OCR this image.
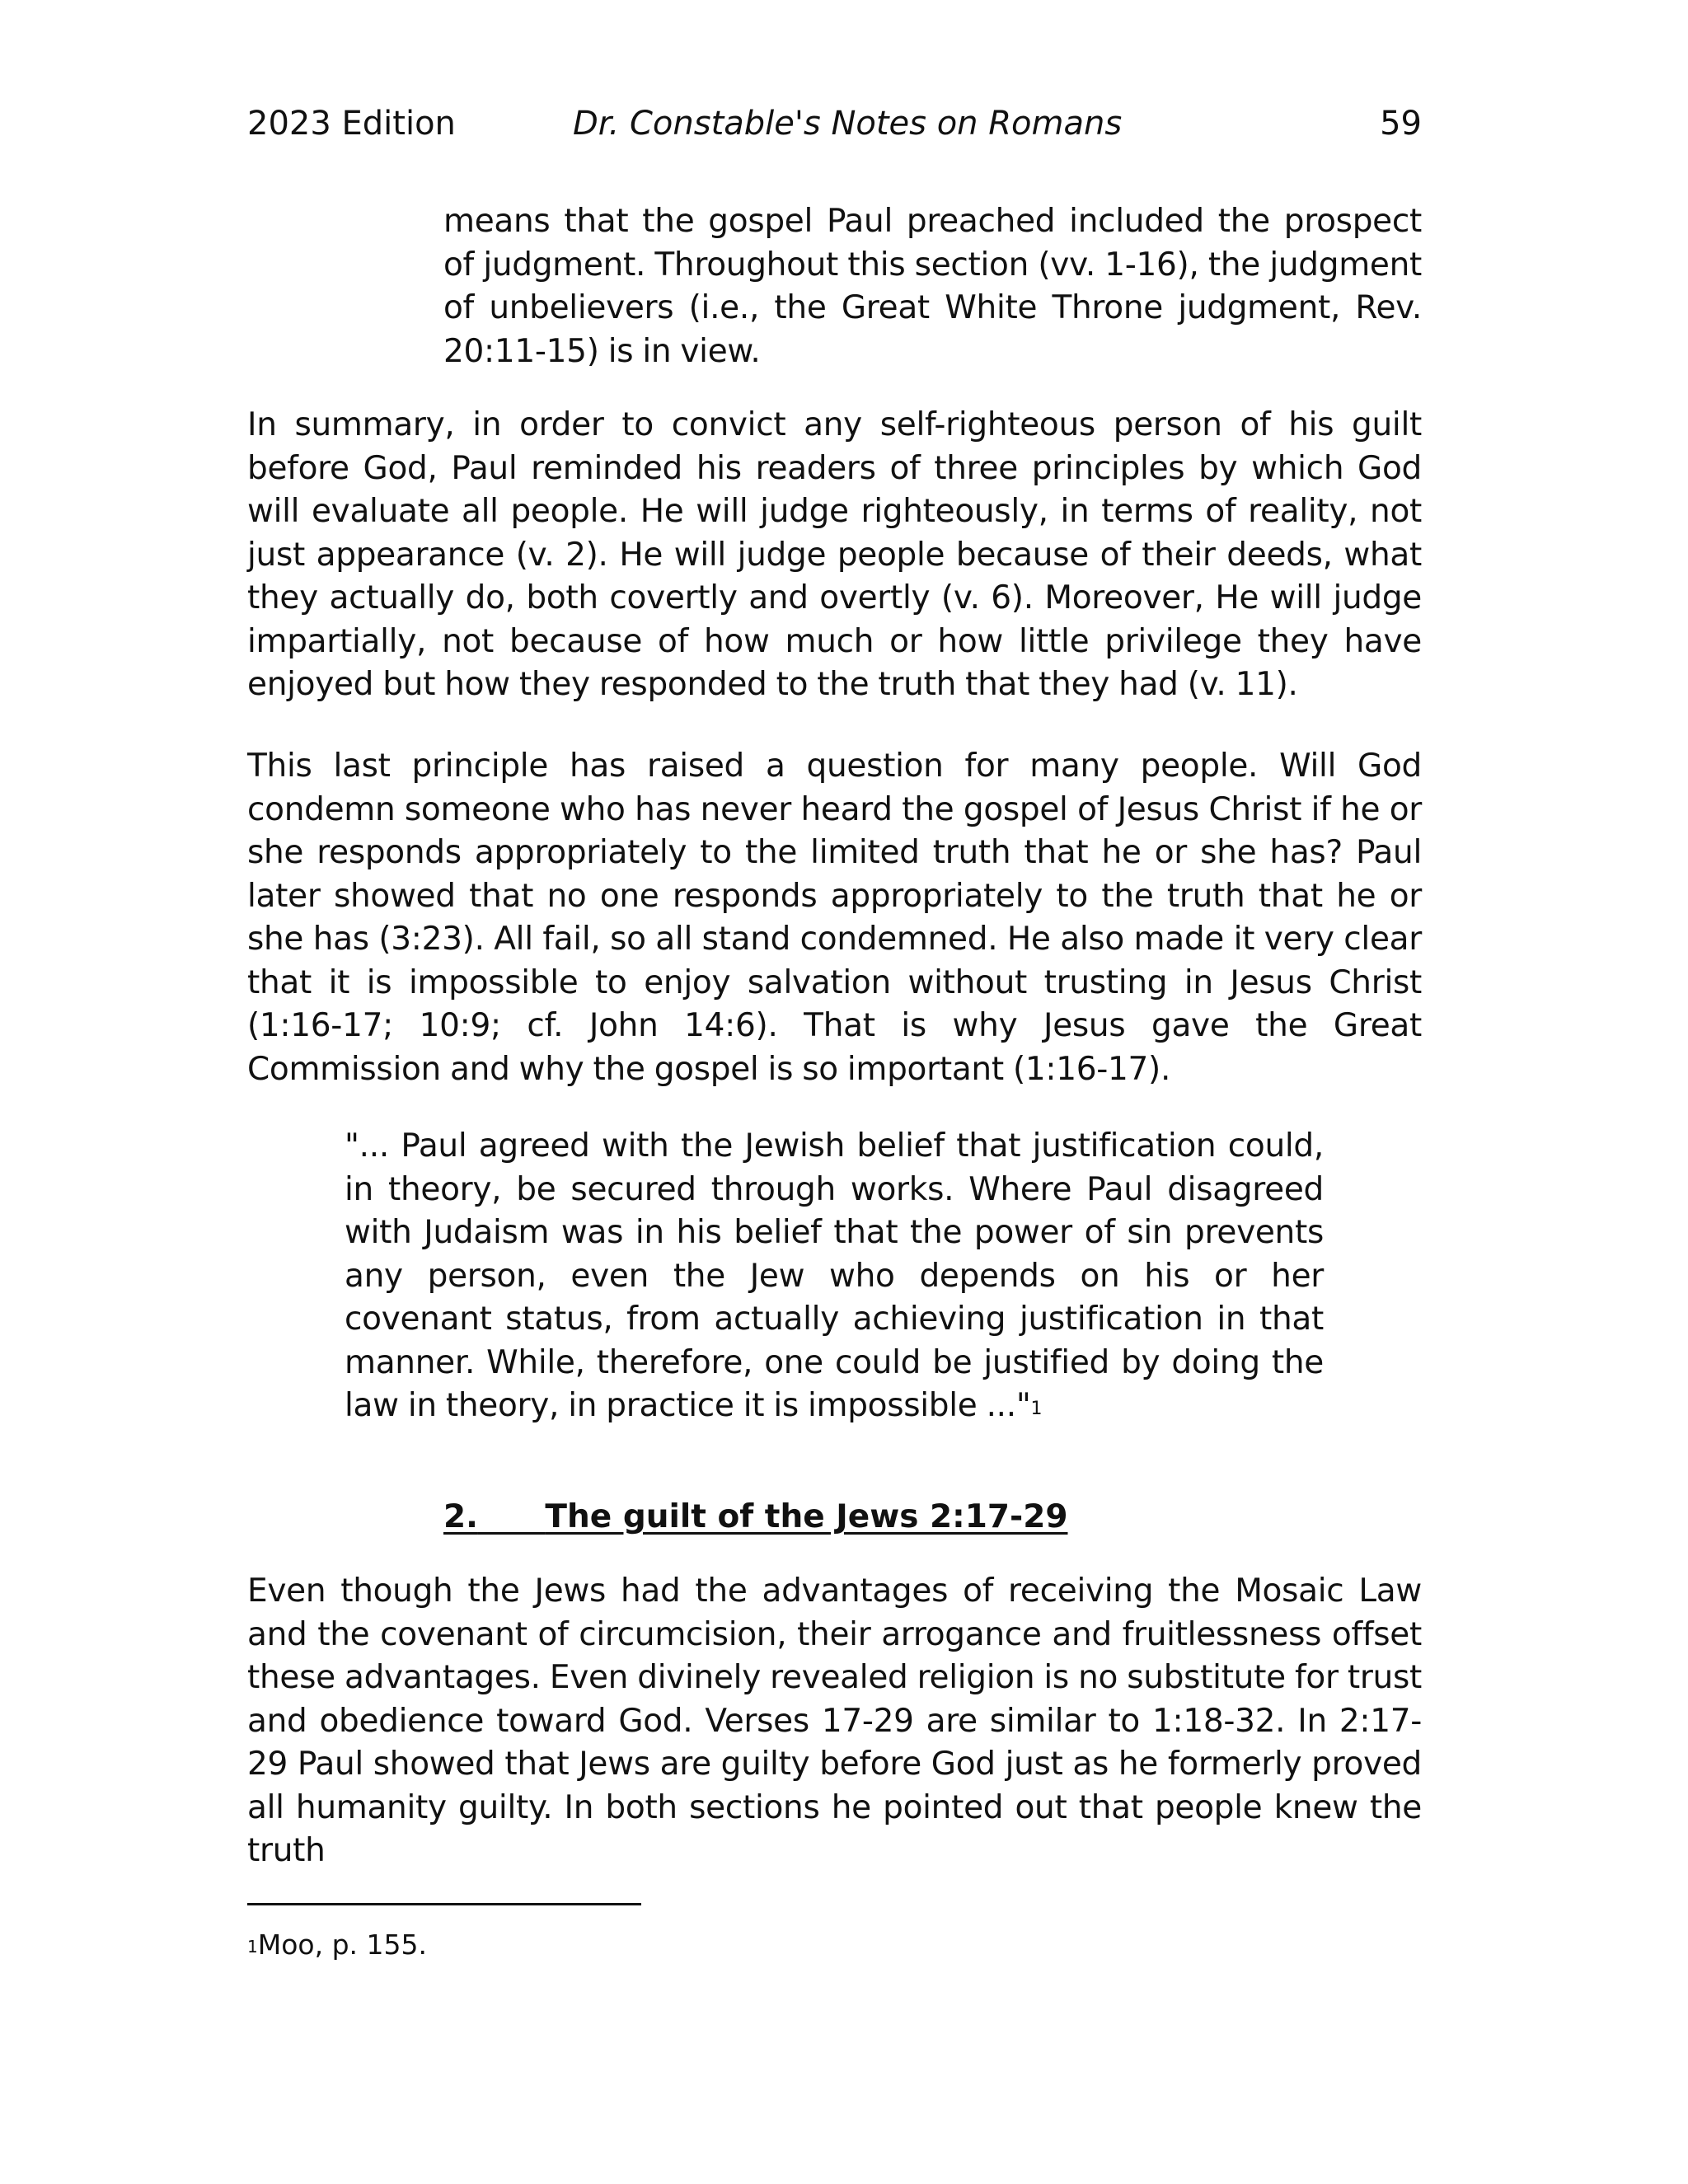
2023 Edition	Dr. Constable's Notes on Romans	59

means that the gospel Paul preached included the prospect of judgment. Throughout this section (vv. 1-16), the judgment of unbelievers (i.e., the Great White Throne judgment, Rev. 20:11-15) is in view.

In summary, in order to convict any self-righteous person of his guilt before God, Paul reminded his readers of three principles by which God will evaluate all people. He will judge righteously, in terms of reality, not just appearance (v. 2). He will judge people because of their deeds, what they actually do, both covertly and overtly (v. 6). Moreover, He will judge impartially, not because of how much or how little privilege they have enjoyed but how they responded to the truth that they had (v. 11).

This last principle has raised a question for many people. Will God condemn someone who has never heard the gospel of Jesus Christ if he or she responds appropriately to the limited truth that he or she has? Paul later showed that no one responds appropriately to the truth that he or she has (3:23). All fail, so all stand condemned. He also made it very clear that it is impossible to enjoy salvation without trusting in Jesus Christ (1:16-17; 10:9; cf. John 14:6). That is why Jesus gave the Great Commission and why the gospel is so important (1:16-17).

"... Paul agreed with the Jewish belief that justification could, in theory, be secured through works. Where Paul disagreed with Judaism was in his belief that the power of sin prevents any person, even the Jew who depends on his or her covenant status, from actually achieving justification in that manner. While, therefore, one could be justified by doing the law in theory, in practice it is impossible ..."$^1$

2. The guilt of the Jews 2:17-29

Even though the Jews had the advantages of receiving the Mosaic Law and the covenant of circumcision, their arrogance and fruitlessness offset these advantages. Even divinely revealed religion is no substitute for trust and obedience toward God. Verses 17-29 are similar to 1:18-32. In 2:17-29 Paul showed that Jews are guilty before God just as he formerly proved all humanity guilty. In both sections he pointed out that people knew the truth

$^1$Moo, p. 155.
